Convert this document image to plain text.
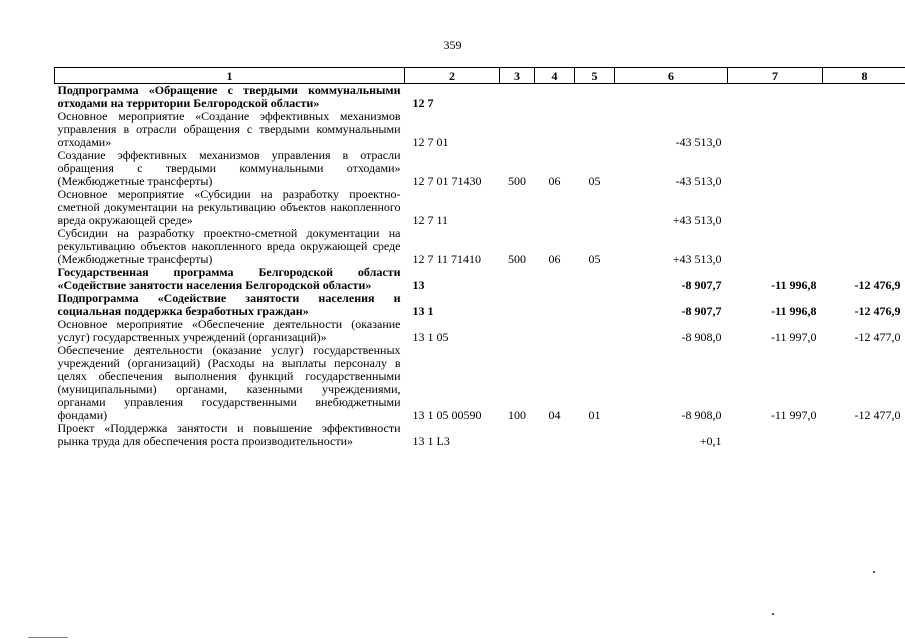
359
1	2	3	4	5	6	7	8
Подпрограмма «Обращение с твердыми коммунальными отходами на территории Белгородской области»	12 7						
Основное мероприятие «Создание эффективных механизмов управления в отрасли обращения с твердыми коммунальными отходами»	12 7 01				-43 513,0		
Создание эффективных механизмов управления в отрасли обращения с твердыми коммунальными отходами» (Межбюджетные трансферты)	12 7 01 71430	500	06	05	-43 513,0		
Основное мероприятие «Субсидии на разработку проектно-сметной документации на рекультивацию объектов накопленного вреда окружающей среде»	12 7 11				+43 513,0		
Субсидии на разработку проектно-сметной документации на рекультивацию объектов накопленного вреда окружающей среде (Межбюджетные трансферты)	12 7 11 71410	500	06	05	+43 513,0		
Государственная программа Белгородской области «Содействие занятости населения Белгородской области»	13				-8 907,7	-11 996,8	-12 476,9
Подпрограмма «Содействие занятости населения и социальная поддержка безработных граждан»	13 1				-8 907,7	-11 996,8	-12 476,9
Основное мероприятие «Обеспечение деятельности (оказание услуг) государственных учреждений (организаций)»	13 1 05				-8 908,0	-11 997,0	-12 477,0
Обеспечение деятельности (оказание услуг) государственных учреждений (организаций) (Расходы на выплаты персоналу в целях обеспечения выполнения функций государственными (муниципальными) органами, казенными учреждениями, органами управления государственными внебюджетными фондами)	13 1 05 00590	100	04	01	-8 908,0	-11 997,0	-12 477,0
Проект «Поддержка занятости и повышение эффективности рынка труда для обеспечения роста производительности»	13 1 L3				+0,1		
